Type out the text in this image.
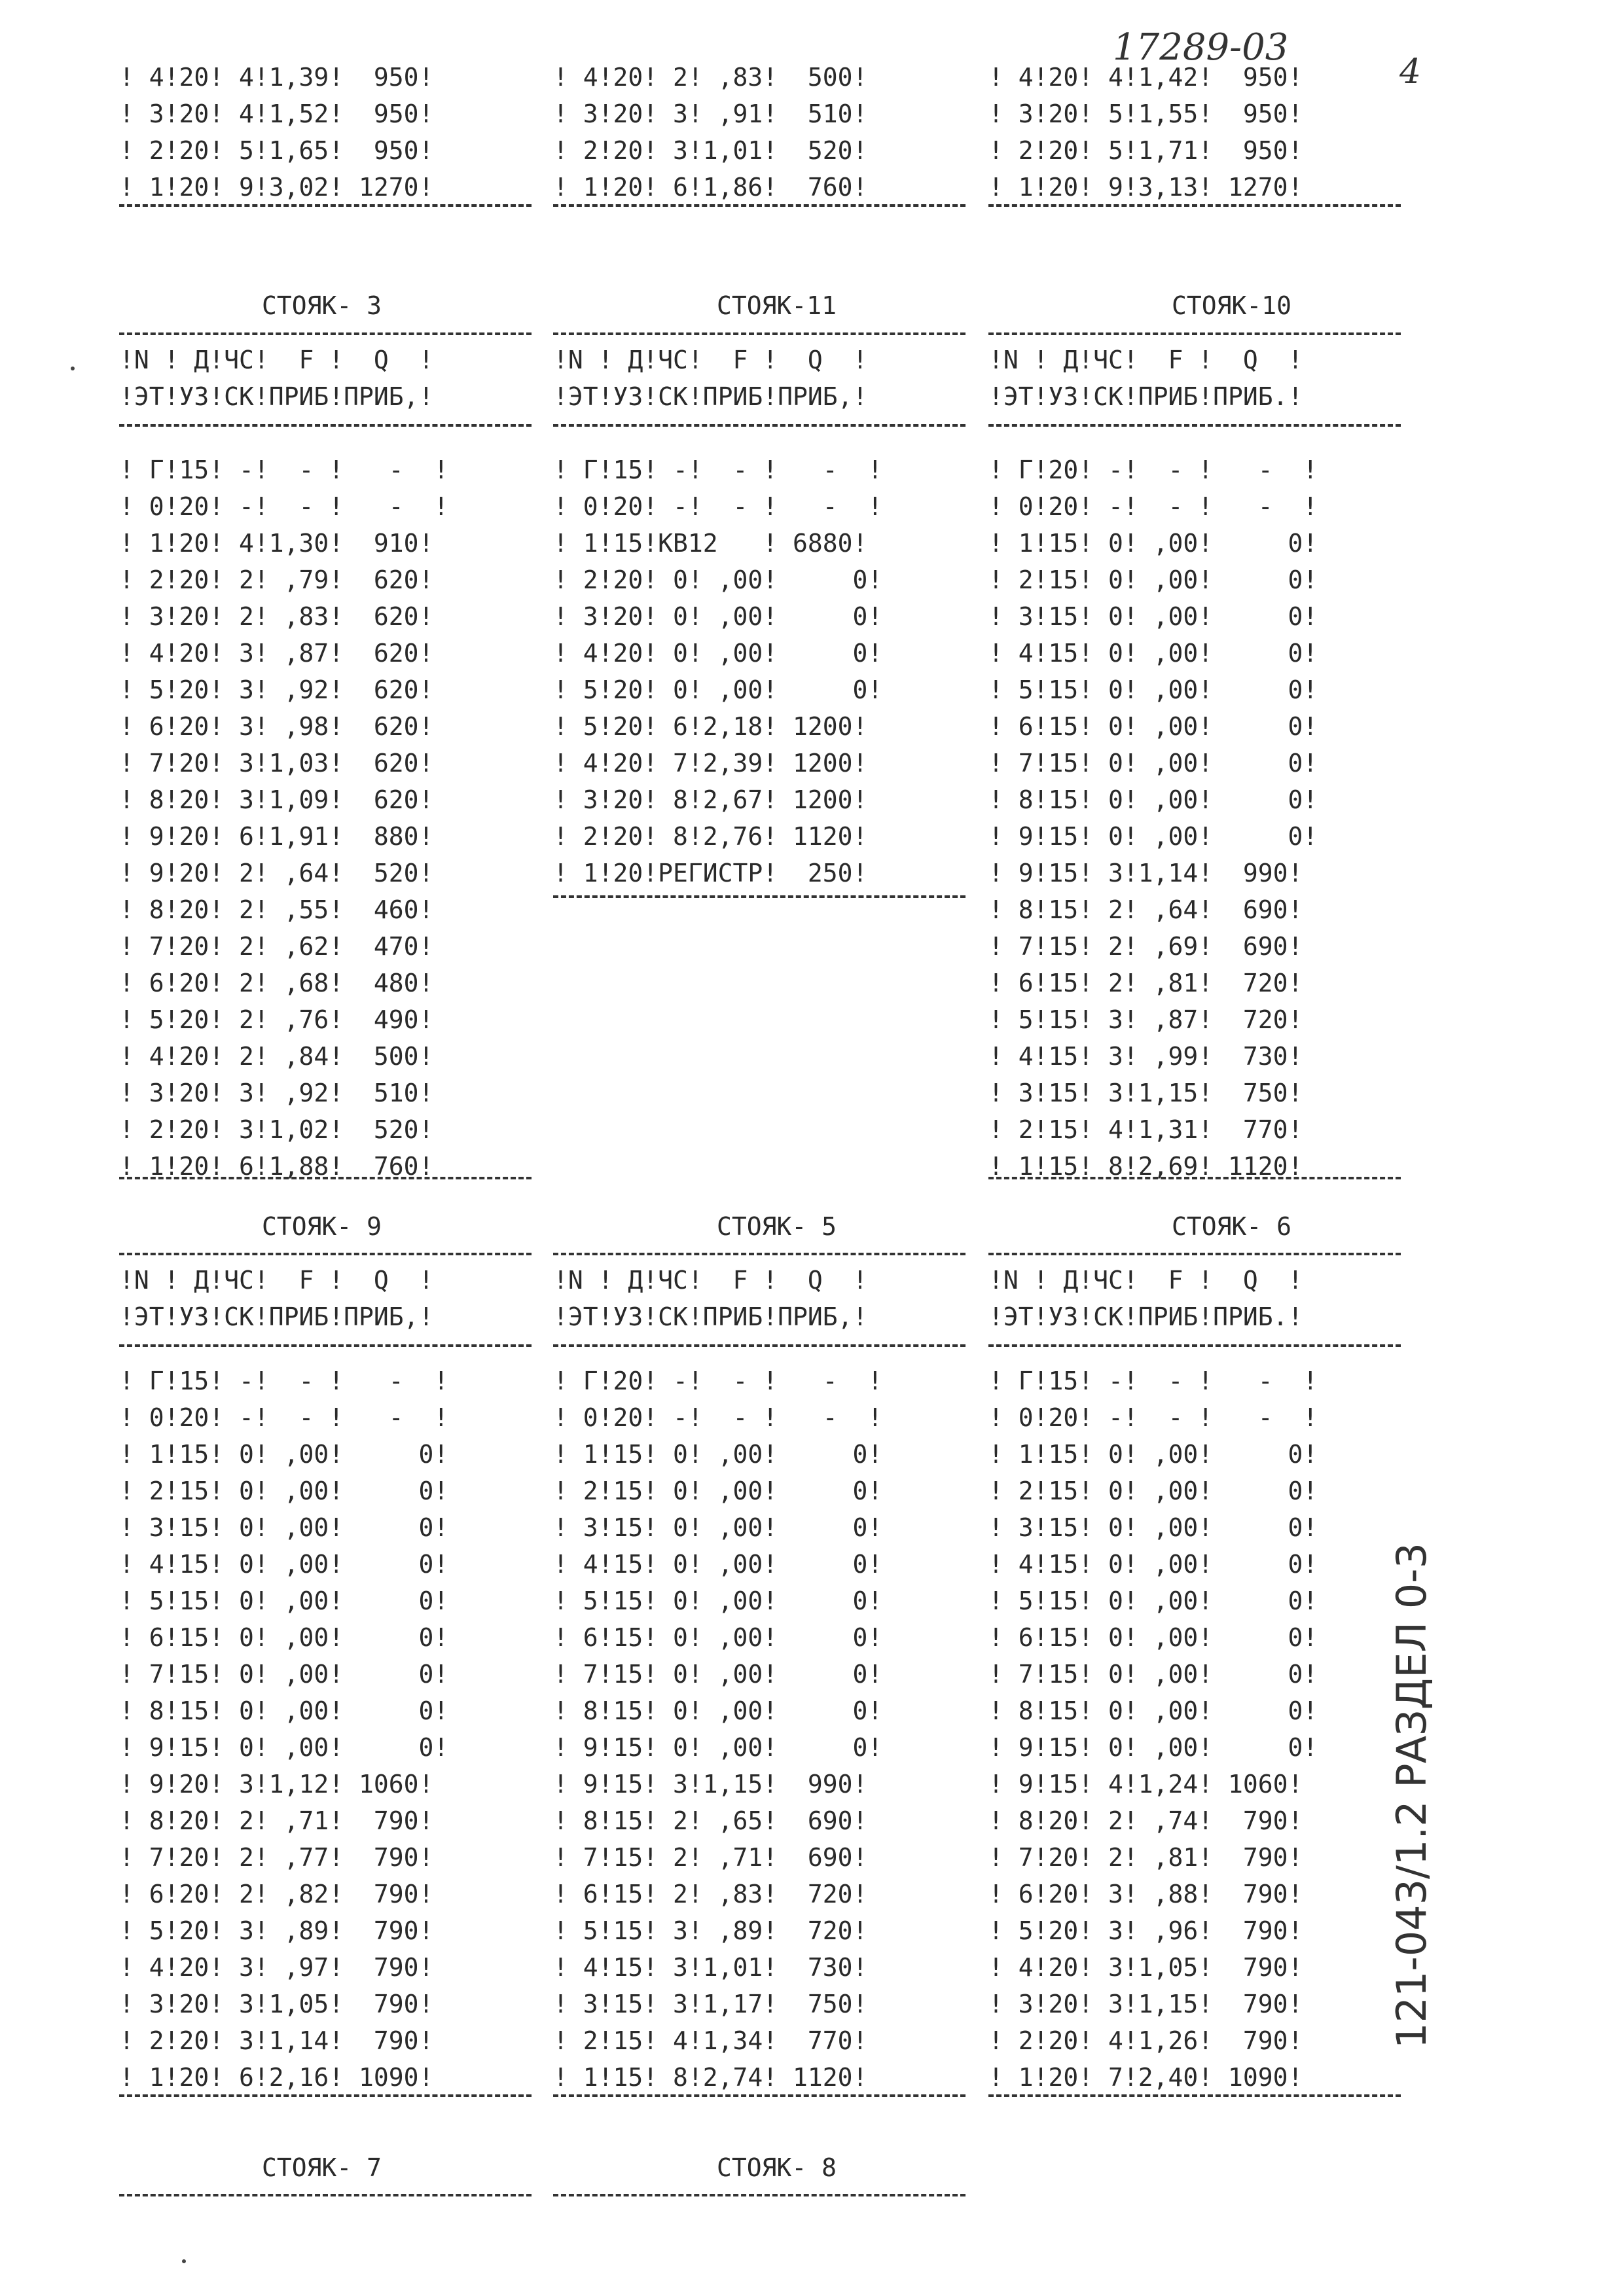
17289-03
4
121-043/1.2 РАЗДЕЛ 0-3
! 4!20! 4!1,39!  950!
! 3!20! 4!1,52!  950!
! 2!20! 5!1,65!  950!
! 1!20! 9!3,02! 1270!
! 4!20! 2! ,83!  500!
! 3!20! 3! ,91!  510!
! 2!20! 3!1,01!  520!
! 1!20! 6!1,86!  760!
! 4!20! 4!1,42!  950!
! 3!20! 5!1,55!  950!
! 2!20! 5!1,71!  950!
! 1!20! 9!3,13! 1270!
СТОЯК- 3	СТОЯК-11	СТОЯК-10
!N ! Д!ЧС!  F !  Q  !
!ЭТ!УЗ!СК!ПРИБ!ПРИБ,!
!N ! Д!ЧС!  F !  Q  !
!ЭТ!УЗ!СК!ПРИБ!ПРИБ,!
!N ! Д!ЧС!  F !  Q  !
!ЭТ!УЗ!СК!ПРИБ!ПРИБ.!
! Г!15! -!  - !   -  !
! 0!20! -!  - !   -  !
! 1!20! 4!1,30!  910!
! 2!20! 2! ,79!  620!
! 3!20! 2! ,83!  620!
! 4!20! 3! ,87!  620!
! 5!20! 3! ,92!  620!
! 6!20! 3! ,98!  620!
! 7!20! 3!1,03!  620!
! 8!20! 3!1,09!  620!
! 9!20! 6!1,91!  880!
! 9!20! 2! ,64!  520!
! 8!20! 2! ,55!  460!
! 7!20! 2! ,62!  470!
! 6!20! 2! ,68!  480!
! 5!20! 2! ,76!  490!
! 4!20! 2! ,84!  500!
! 3!20! 3! ,92!  510!
! 2!20! 3!1,02!  520!
! 1!20! 6!1,88!  760!
! Г!15! -!  - !   -  !
! 0!20! -!  - !   -  !
! 1!15!КВ12   ! 6880!
! 2!20! 0! ,00!     0!
! 3!20! 0! ,00!     0!
! 4!20! 0! ,00!     0!
! 5!20! 0! ,00!     0!
! 5!20! 6!2,18! 1200!
! 4!20! 7!2,39! 1200!
! 3!20! 8!2,67! 1200!
! 2!20! 8!2,76! 1120!
! 1!20!РЕГИСТР!  250!
! Г!20! -!  - !   -  !
! 0!20! -!  - !   -  !
! 1!15! 0! ,00!     0!
! 2!15! 0! ,00!     0!
! 3!15! 0! ,00!     0!
! 4!15! 0! ,00!     0!
! 5!15! 0! ,00!     0!
! 6!15! 0! ,00!     0!
! 7!15! 0! ,00!     0!
! 8!15! 0! ,00!     0!
! 9!15! 0! ,00!     0!
! 9!15! 3!1,14!  990!
! 8!15! 2! ,64!  690!
! 7!15! 2! ,69!  690!
! 6!15! 2! ,81!  720!
! 5!15! 3! ,87!  720!
! 4!15! 3! ,99!  730!
! 3!15! 3!1,15!  750!
! 2!15! 4!1,31!  770!
! 1!15! 8!2,69! 1120!
СТОЯК- 9	СТОЯК- 5	СТОЯК- 6
!N ! Д!ЧС!  F !  Q  !
!ЭТ!УЗ!СК!ПРИБ!ПРИБ,!
!N ! Д!ЧС!  F !  Q  !
!ЭТ!УЗ!СК!ПРИБ!ПРИБ,!
!N ! Д!ЧС!  F !  Q  !
!ЭТ!УЗ!СК!ПРИБ!ПРИБ.!
! Г!15! -!  - !   -  !
! 0!20! -!  - !   -  !
! 1!15! 0! ,00!     0!
! 2!15! 0! ,00!     0!
! 3!15! 0! ,00!     0!
! 4!15! 0! ,00!     0!
! 5!15! 0! ,00!     0!
! 6!15! 0! ,00!     0!
! 7!15! 0! ,00!     0!
! 8!15! 0! ,00!     0!
! 9!15! 0! ,00!     0!
! 9!20! 3!1,12! 1060!
! 8!20! 2! ,71!  790!
! 7!20! 2! ,77!  790!
! 6!20! 2! ,82!  790!
! 5!20! 3! ,89!  790!
! 4!20! 3! ,97!  790!
! 3!20! 3!1,05!  790!
! 2!20! 3!1,14!  790!
! 1!20! 6!2,16! 1090!
! Г!20! -!  - !   -  !
! 0!20! -!  - !   -  !
! 1!15! 0! ,00!     0!
! 2!15! 0! ,00!     0!
! 3!15! 0! ,00!     0!
! 4!15! 0! ,00!     0!
! 5!15! 0! ,00!     0!
! 6!15! 0! ,00!     0!
! 7!15! 0! ,00!     0!
! 8!15! 0! ,00!     0!
! 9!15! 0! ,00!     0!
! 9!15! 3!1,15!  990!
! 8!15! 2! ,65!  690!
! 7!15! 2! ,71!  690!
! 6!15! 2! ,83!  720!
! 5!15! 3! ,89!  720!
! 4!15! 3!1,01!  730!
! 3!15! 3!1,17!  750!
! 2!15! 4!1,34!  770!
! 1!15! 8!2,74! 1120!
! Г!15! -!  - !   -  !
! 0!20! -!  - !   -  !
! 1!15! 0! ,00!     0!
! 2!15! 0! ,00!     0!
! 3!15! 0! ,00!     0!
! 4!15! 0! ,00!     0!
! 5!15! 0! ,00!     0!
! 6!15! 0! ,00!     0!
! 7!15! 0! ,00!     0!
! 8!15! 0! ,00!     0!
! 9!15! 0! ,00!     0!
! 9!15! 4!1,24! 1060!
! 8!20! 2! ,74!  790!
! 7!20! 2! ,81!  790!
! 6!20! 3! ,88!  790!
! 5!20! 3! ,96!  790!
! 4!20! 3!1,05!  790!
! 3!20! 3!1,15!  790!
! 2!20! 4!1,26!  790!
! 1!20! 7!2,40! 1090!
СТОЯК- 7	СТОЯК- 8
